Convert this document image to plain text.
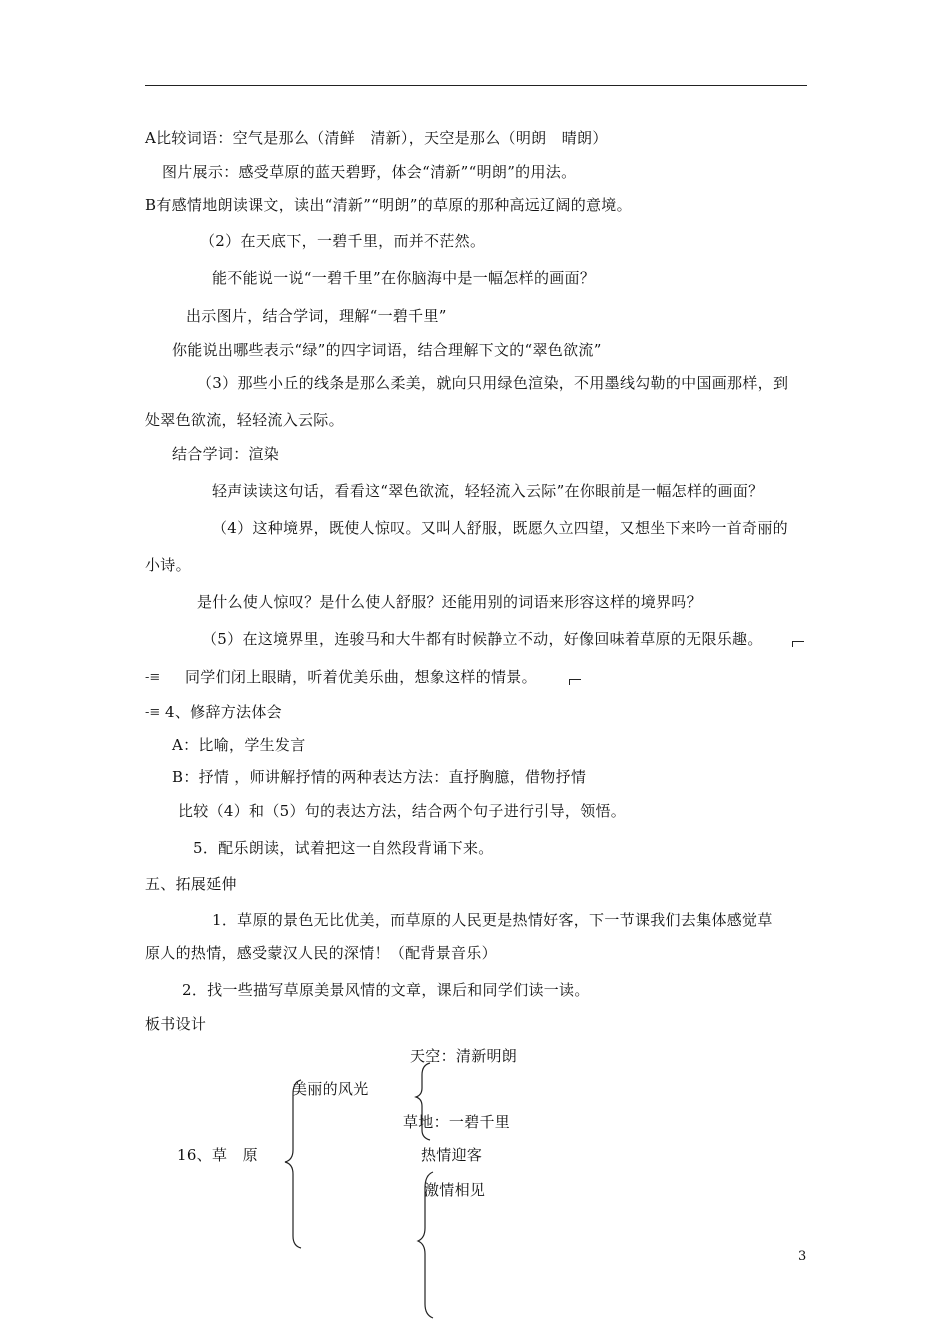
A比较词语：空气是那么（清鲜　清新），天空是那么（明朗　晴朗）
图片展示：感受草原的蓝天碧野，体会“清新”“明朗”的用法。
B有感情地朗读课文，读出“清新”“明朗”的草原的那种高远辽阔的意境。
（2）在天底下，一碧千里，而并不茫然。
能不能说一说“一碧千里”在你脑海中是一幅怎样的画面？
出示图片，结合学词，理解“一碧千里”
你能说出哪些表示“绿”的四字词语，结合理解下文的“翠色欲流”
（3）那些小丘的线条是那么柔美，就向只用绿色渲染，不用墨线勾勒的中国画那样，到
处翠色欲流，轻轻流入云际。
结合学词：渲染
轻声读读这句话，看看这“翠色欲流，轻轻流入云际”在你眼前是一幅怎样的画面？
（4）这种境界，既使人惊叹。又叫人舒服，既愿久立四望，又想坐下来吟一首奇丽的
小诗。
是什么使人惊叹？是什么使人舒服？还能用别的词语来形容这样的境界吗？
（5）在这境界里，连骏马和大牛都有时候静立不动，好像回味着草原的无限乐趣。
-≡ 同学们闭上眼睛，听着优美乐曲，想象这样的情景。
-≡ 4、修辞方法体会
A：比喻，学生发言
B：抒情 ，师讲解抒情的两种表达方法：直抒胸臆，借物抒情
比较（4）和（5）句的表达方法，结合两个句子进行引导，领悟。
5．配乐朗读，试着把这一自然段背诵下来。
五、拓展延伸
1．草原的景色无比优美，而草原的人民更是热情好客，下一节课我们去集体感觉草
原人的热情，感受蒙汉人民的深情！（配背景音乐）
2．找一些描写草原美景风情的文章，课后和同学们读一读。
板书设计
天空：清新明朗
美丽的风光
草地：一碧千里
16、草　原	热情迎客
激情相见
3
